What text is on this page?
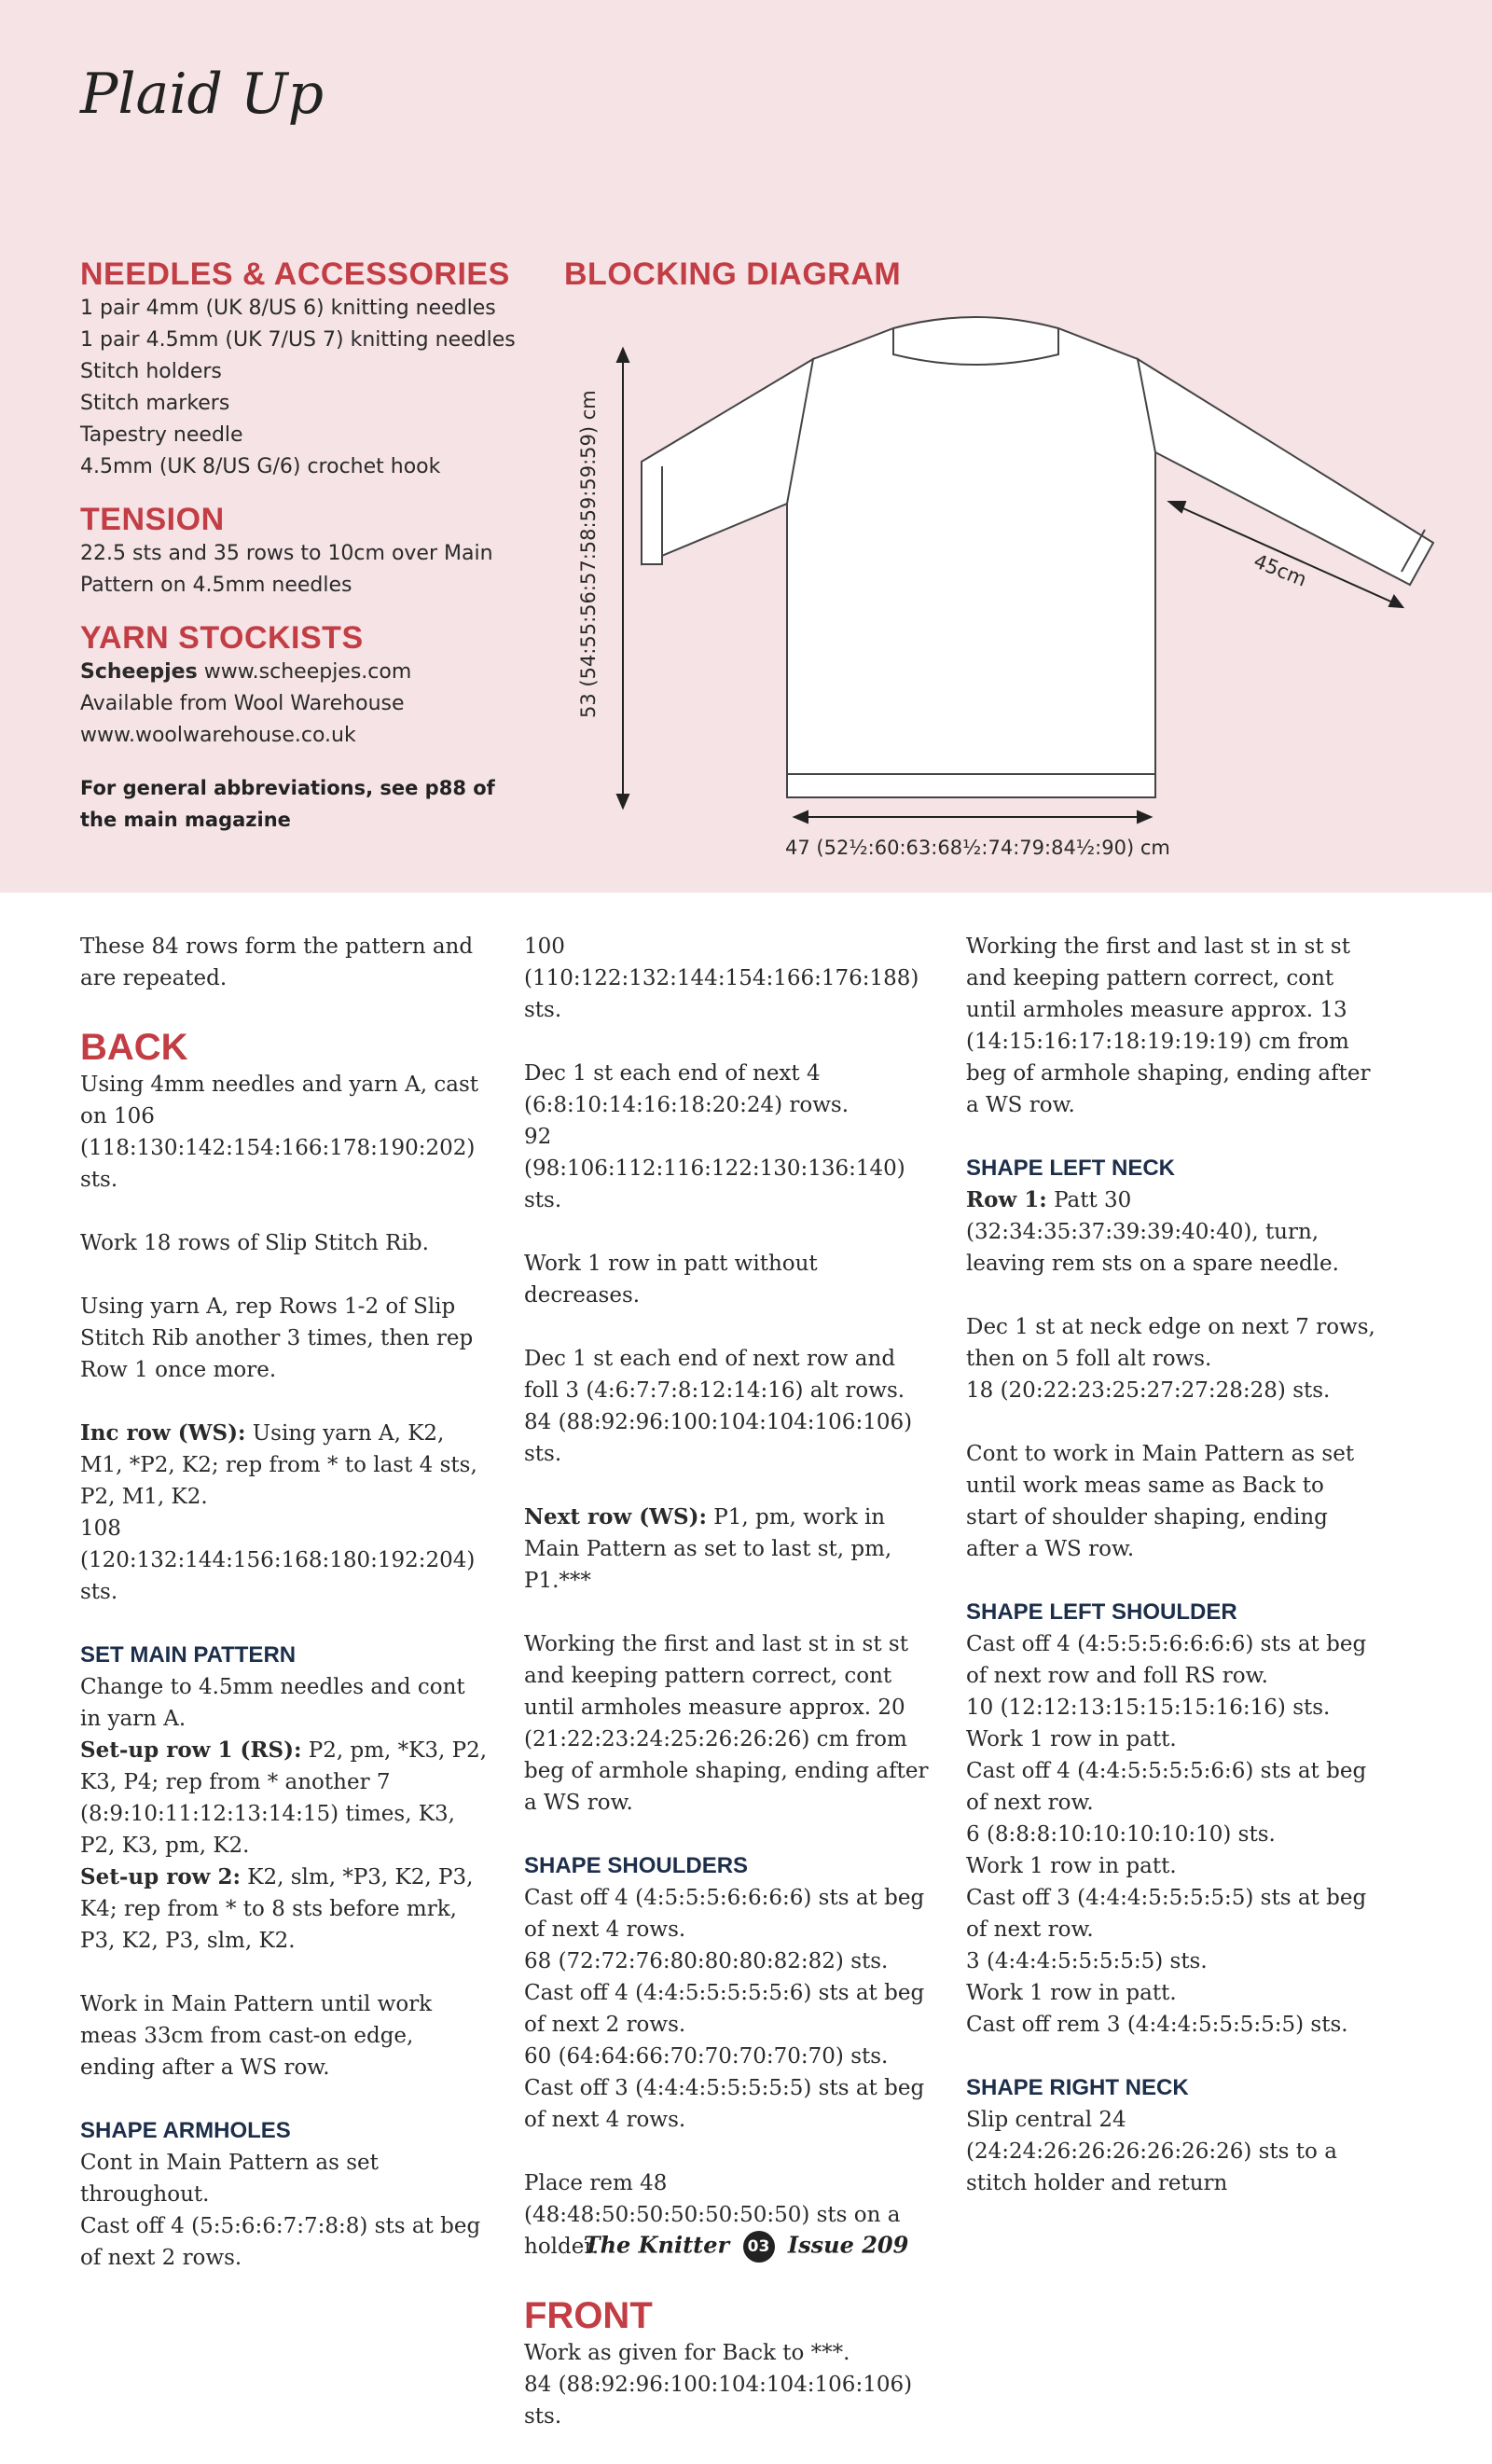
Plaid Up
NEEDLES & ACCESSORIES
1 pair 4mm (UK 8/US 6) knitting needles
1 pair 4.5mm (UK 7/US 7) knitting needles
Stitch holders
Stitch markers
Tapestry needle
4.5mm (UK 8/US G/6) crochet hook
TENSION
22.5 sts and 35 rows to 10cm over Main
Pattern on 4.5mm needles
YARN STOCKISTS
Scheepjes www.scheepjes.com
Available from Wool Warehouse
www.woolwarehouse.co.uk
For general abbreviations, see p88 of the main magazine
BLOCKING DIAGRAM
53 (54:55:56:57:58:59:59:59) cm
47 (52½:60:63:68½:74:79:84½:90) cm
45cm

These 84 rows form the pattern and are repeated.

BACK

Using 4mm needles and yarn A, cast on 106 (118:130:142:154:166:178:190:202) sts.

Work 18 rows of Slip Stitch Rib.

Using yarn A, rep Rows 1-2 of Slip Stitch Rib another 3 times, then rep Row 1 once more.

Inc row (WS): Using yarn A, K2, M1, *P2, K2; rep from * to last 4 sts, P2, M1, K2.
108 (120:132:144:156:168:180:192:204) sts.

SET MAIN PATTERN

Change to 4.5mm needles and cont in yarn A.
Set-up row 1 (RS): P2, pm, *K3, P2, K3, P4; rep from * another 7 (8:9:10:11:12:13:14:15) times, K3, P2, K3, pm, K2.
Set-up row 2: K2, slm, *P3, K2, P3, K4; rep from * to 8 sts before mrk, P3, K2, P3, slm, K2.

Work in Main Pattern until work meas 33cm from cast-on edge, ending after a WS row.

SHAPE ARMHOLES

Cont in Main Pattern as set throughout.
Cast off 4 (5:5:6:6:7:7:8:8) sts at beg of next 2 rows.

100 (110:122:132:144:154:166:176:188) sts.

Dec 1 st each end of next 4 (6:8:10:14:16:18:20:24) rows.
92 (98:106:112:116:122:130:136:140) sts.

Work 1 row in patt without decreases.

Dec 1 st each end of next row and foll 3 (4:6:7:7:8:12:14:16) alt rows.
84 (88:92:96:100:104:104:106:106) sts.

Next row (WS): P1, pm, work in Main Pattern as set to last st, pm, P1.***

Working the first and last st in st st and keeping pattern correct, cont until armholes measure approx. 20 (21:22:23:24:25:26:26:26) cm from beg of armhole shaping, ending after a WS row.

SHAPE SHOULDERS

Cast off 4 (4:5:5:5:6:6:6:6) sts at beg of next 4 rows.
68 (72:72:76:80:80:80:82:82) sts.
Cast off 4 (4:4:5:5:5:5:5:6) sts at beg of next 2 rows.
60 (64:64:66:70:70:70:70:70) sts.
Cast off 3 (4:4:4:5:5:5:5:5) sts at beg of next 4 rows.

Place rem 48 (48:48:50:50:50:50:50:50) sts on a holder.

FRONT

Work as given for Back to ***.
84 (88:92:96:100:104:104:106:106) sts.

Working the first and last st in st st and keeping pattern correct, cont until armholes measure approx. 13 (14:15:16:17:18:19:19:19) cm from beg of armhole shaping, ending after a WS row.

SHAPE LEFT NECK

Row 1: Patt 30 (32:34:35:37:39:39:40:40), turn, leaving rem sts on a spare needle.

Dec 1 st at neck edge on next 7 rows, then on 5 foll alt rows.
18 (20:22:23:25:27:27:28:28) sts.

Cont to work in Main Pattern as set until work meas same as Back to start of shoulder shaping, ending after a WS row.

SHAPE LEFT SHOULDER

Cast off 4 (4:5:5:5:6:6:6:6) sts at beg of next row and foll RS row.
10 (12:12:13:15:15:15:16:16) sts.
Work 1 row in patt.
Cast off 4 (4:4:5:5:5:5:6:6) sts at beg of next row.
6 (8:8:8:10:10:10:10:10) sts.
Work 1 row in patt.
Cast off 3 (4:4:4:5:5:5:5:5) sts at beg of next row.
3 (4:4:4:5:5:5:5:5) sts.
Work 1 row in patt.
Cast off rem 3 (4:4:4:5:5:5:5:5) sts.

SHAPE RIGHT NECK

Slip central 24 (24:24:26:26:26:26:26:26) sts to a stitch holder and return

The Knitter 03 Issue 209
